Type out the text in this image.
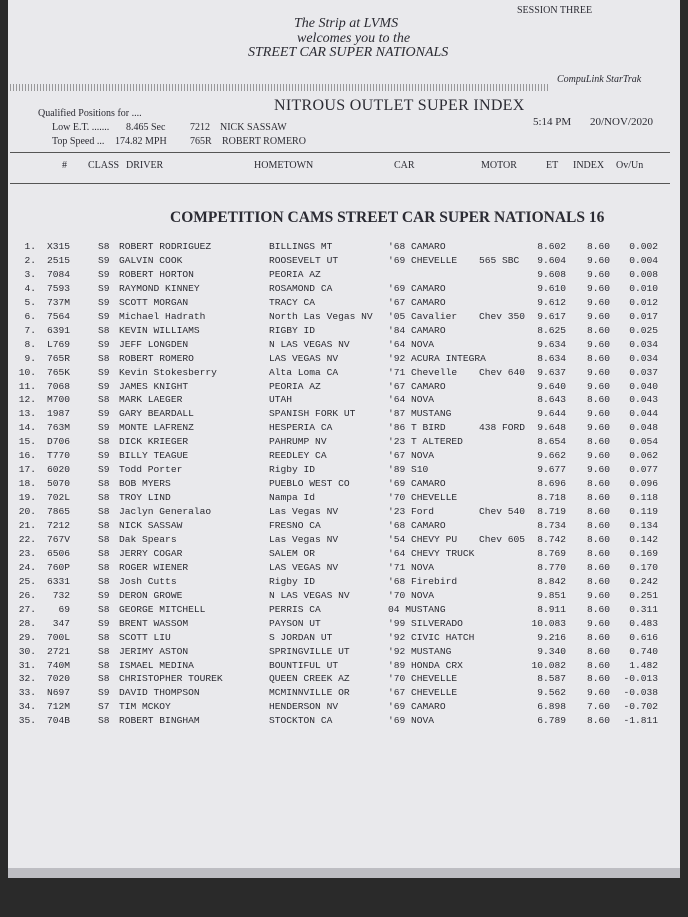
SESSION THREE
The Strip at LVMS
welcomes you to the
STREET CAR SUPER NATIONALS
CompuLink StarTrak
NITROUS OUTLET SUPER INDEX
Qualified Positions for ....
Low E.T. ....... 8.465 Sec 7212 NICK SASSAW
Top Speed ... 174.82 MPH 765R ROBERT ROMERO
5:14 PM 20/NOV/2020
# CLASS DRIVER	HOMETOWN	CAR	MOTOR	ET INDEX Ov/Un
COMPETITION CAMS STREET CAR SUPER NATIONALS 16
1.	X315	S8 ROBERT RODRIGUEZ	BILLINGS MT	'68 CAMARO	8.602	8.60	0.002
2.	2515	S9 GALVIN COOK	ROOSEVELT UT	'69 CHEVELLE 565 SBC	9.604	9.60	0.004
3.	7084	S9 ROBERT HORTON	PEORIA AZ	9.608	9.60	0.008
4.	7593	S9 RAYMOND KINNEY	ROSAMOND CA	'69 CAMARO	9.610	9.60	0.010
5.	737M	S9 SCOTT MORGAN	TRACY CA	'67 CAMARO	9.612	9.60	0.012
6.	7564	S9 Michael Hadrath	North Las Vegas NV '05 Cavalier Chev 350	9.617	9.60	0.017
7.	6391	S8 KEVIN WILLIAMS	RIGBY ID	'84 CAMARO	8.625	8.60	0.025
8.	L769	S9 JEFF LONGDEN	N LAS VEGAS NV	'64 NOVA	9.634	9.60	0.034
9.	765R	S8 ROBERT ROMERO	LAS VEGAS NV	'92 ACURA INTEGRA	8.634	8.60	0.034
10.	765K	S9 Kevin Stokesberry	Alta Loma CA	'71 Chevelle Chev 640	9.637	9.60	0.037
11.	7068	S9 JAMES KNIGHT	PEORIA AZ	'67 CAMARO	9.640	9.60	0.040
12.	M700	S8 MARK LAEGER	UTAH	'64 NOVA	8.643	8.60	0.043
13.	1987	S9 GARY BEARDALL	SPANISH FORK UT	'87 MUSTANG	9.644	9.60	0.044
14.	763M	S9 MONTE LAFRENZ	HESPERIA CA	'86 T BIRD	438 FORD	9.648	9.60	0.048
15.	D706	S8 DICK KRIEGER	PAHRUMP NV	'23 T ALTERED	8.654	8.60	0.054
16.	T770	S9 BILLY TEAGUE	REEDLEY CA	'67 NOVA	9.662	9.60	0.062
17.	6020	S9 Todd Porter	Rigby ID	'89 S10	9.677	9.60	0.077
18.	5070	S8 BOB MYERS	PUEBLO WEST CO	'69 CAMARO	8.696	8.60	0.096
19.	702L	S8 TROY LIND	Nampa Id	'70 CHEVELLE	8.718	8.60	0.118
20.	7865	S8 Jaclyn Generalao	Las Vegas NV	'23 Ford	Chev 540	8.719	8.60	0.119
21.	7212	S8 NICK SASSAW	FRESNO CA	'68 CAMARO	8.734	8.60	0.134
22.	767V	S8 Dak Spears	Las Vegas NV	'54 CHEVY PU Chev 605	8.742	8.60	0.142
23.	6506	S8 JERRY COGAR	SALEM OR	'64 CHEVY TRUCK	8.769	8.60	0.169
24.	760P	S8 ROGER WIENER	LAS VEGAS NV	'71 NOVA	8.770	8.60	0.170
25.	6331	S8 Josh Cutts	Rigby ID	'68 Firebird	8.842	8.60	0.242
26.	732	S9 DERON GROWE	N LAS VEGAS NV	'70 NOVA	9.851	9.60	0.251
27.	69	S8 GEORGE MITCHELL	PERRIS CA	04 MUSTANG	8.911	8.60	0.311
28.	347	S9 BRENT WASSOM	PAYSON UT	'99 SILVERADO	10.083	9.60	0.483
29.	700L	S8 SCOTT LIU	S JORDAN UT	'92 CIVIC HATCH	9.216	8.60	0.616
30.	2721	S8 JERIMY ASTON	SPRINGVILLE UT	'92 MUSTANG	9.340	8.60	0.740
31.	740M	S8 ISMAEL MEDINA	BOUNTIFUL UT	'89 HONDA CRX	10.082	8.60	1.482
32.	7020	S8 CHRISTOPHER TOUREK	QUEEN CREEK AZ	'70 CHEVELLE	8.587	8.60	-0.013
33.	N697	S9 DAVID THOMPSON	MCMINNVILLE OR	'67 CHEVELLE	9.562	9.60	-0.038
34.	712M	S7 TIM MCKOY	HENDERSON NV	'69 CAMARO	6.898	7.60	-0.702
35.	704B	S8 ROBERT BINGHAM	STOCKTON CA	'69 NOVA	6.789	8.60	-1.811
